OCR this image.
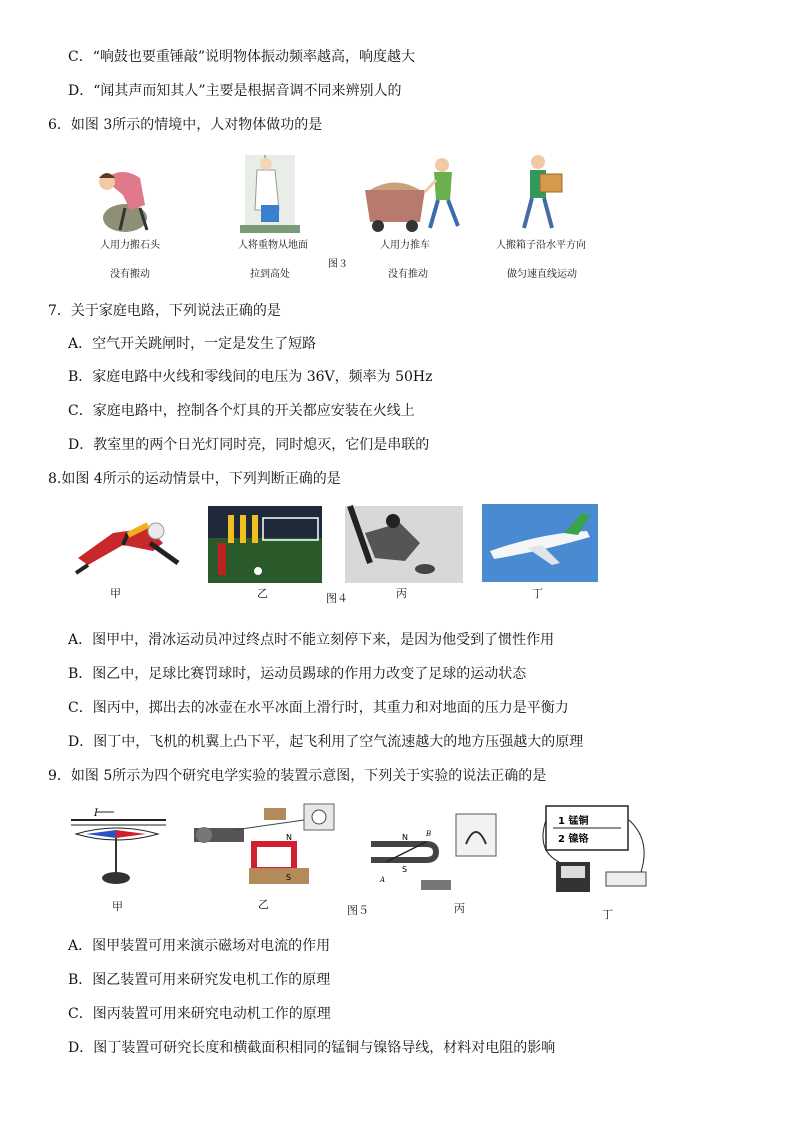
C．“响鼓也要重锤敲”说明物体振动频率越高，响度越大
D．“闻其声而知其人”主要是根据音调不同来辨别人的
6．如图 3所示的情境中，人对物体做功的是
人用力搬石头
没有搬动
人将重物从地面
拉到高处
图３
人用力推车
没有推动
人搬箱子沿水平方向
做匀速直线运动
7．关于家庭电路，下列说法正确的是
A．空气开关跳闸时，一定是发生了短路
B．家庭电路中火线和零线间的电压为 36V，频率为 50Hz
C．家庭电路中，控制各个灯具的开关都应安装在火线上
D．教室里的两个日光灯同时亮，同时熄灭，它们是串联的
8.如图 4所示的运动情景中，下列判断正确的是
甲	乙	图４	丙	丁
A．图甲中，滑冰运动员冲过终点时不能立刻停下来，是因为他受到了惯性作用
B．图乙中，足球比赛罚球时，运动员踢球的作用力改变了足球的运动状态
C．图丙中，掷出去的冰壶在水平冰面上滑行时，其重力和对地面的压力是平衡力
D．图丁中，飞机的机翼上凸下平，起飞利用了空气流速越大的地方压强越大的原理
9．如图 5所示为四个研究电学实验的装置示意图，下列关于实验的说法正确的是
I
N
S
N
S
A
B
1 锰铜
2 镍铬
甲	乙	图５	丙	丁
A．图甲装置可用来演示磁场对电流的作用
B．图乙装置可用来研究发电机工作的原理
C．图丙装置可用来研究电动机工作的原理
D．图丁装置可研究长度和横截面积相同的锰铜与镍铬导线，材料对电阻的影响
